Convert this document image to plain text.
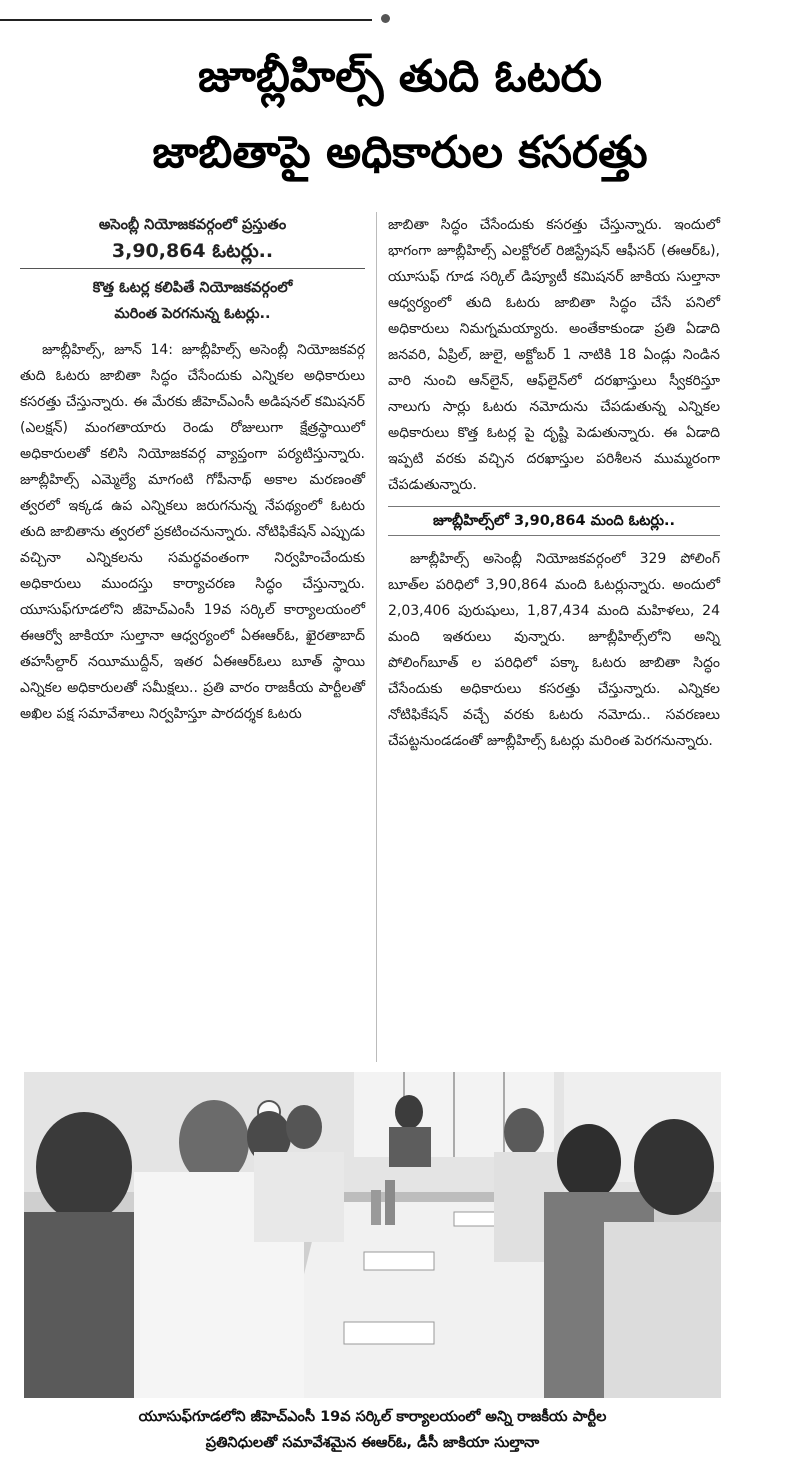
జూబ్లీహిల్స్ తుది ఓటరు
జాబితాపై అధికారుల కసరత్తు
అసెంబ్లీ నియోజకవర్గంలో ప్రస్తుతం
3,90,864 ఓటర్లు..
కొత్త ఓటర్ల కలిపితే నియోజకవర్గంలో
మరింత పెరగనున్న ఓటర్లు..

జూబ్లీహిల్స్, జూన్ 14: జూబ్లీహిల్స్ అసెంబ్లీ నియోజకవర్గ తుది ఓటరు జాబితా సిద్ధం చేసేందుకు ఎన్నికల అధికారులు కసరత్తు చేస్తున్నారు. ఈ మేరకు జీహెచ్ఎంసీ అడిషనల్ కమిషనర్ (ఎలక్షన్) మంగతాయారు రెండు రోజులుగా క్షేత్రస్థాయిలో అధికారులతో కలిసి నియోజకవర్గ వ్యాప్తంగా పర్యటిస్తున్నారు. జూబ్లీహిల్స్ ఎమ్మెల్యే మాగంటి గోపీనాథ్ అకాల మరణంతో త్వరలో ఇక్కడ ఉప ఎన్నికలు జరుగనున్న నేపథ్యంలో ఓటరు తుది జాబితాను త్వరలో ప్రకటించనున్నారు. నోటిఫికేషన్ ఎప్పుడు వచ్చినా ఎన్నికలను సమర్థవంతంగా నిర్వహించేందుకు అధికారులు ముందస్తు కార్యాచరణ సిద్ధం చేస్తున్నారు. యూసుఫ్‌గూడలోని జీహెచ్ఎంసీ 19వ సర్కిల్ కార్యాలయంలో ఈఆర్వో జాకియా సుల్తానా ఆధ్వర్యంలో ఏఈఆర్ఓ, ఖైరతాబాద్ తహసీల్దార్ నయీముద్దీన్, ఇతర ఏఈఆర్ఓలు బూత్ స్థాయి ఎన్నికల అధికారులతో సమీక్షలు.. ప్రతి వారం రాజకీయ పార్టీలతో అఖిల పక్ష సమావేశాలు నిర్వహిస్తూ పారదర్శక ఓటరు

జాబితా సిద్ధం చేసేందుకు కసరత్తు చేస్తున్నారు. ఇందులో భాగంగా జూబ్లీహిల్స్ ఎలక్టోరల్ రిజిస్ట్రేషన్ ఆఫీసర్ (ఈఆర్ఓ), యూసుఫ్ గూడ సర్కిల్ డిప్యూటీ కమిషనర్ జాకియ సుల్తానా ఆధ్వర్యంలో తుది ఓటరు జాబితా సిద్ధం చేసే పనిలో అధికారులు నిమగ్నమయ్యారు. అంతేకాకుండా ప్రతి ఏడాది జనవరి, ఏప్రిల్, జులై, అక్టోబర్ 1 నాటికి 18 ఏండ్లు నిండిన వారి నుంచి ఆన్‌లైన్, ఆఫ్‌లైన్‌లో దరఖాస్తులు స్వీకరిస్తూ నాలుగు సార్లు ఓటరు నమోదును చేపడుతున్న ఎన్నికల అధికారులు కొత్త ఓటర్ల పై దృష్టి పెడుతున్నారు. ఈ ఏడాది ఇప్పటి వరకు వచ్చిన దరఖాస్తుల పరిశీలన ముమ్మరంగా చేపడుతున్నారు.

జూబ్లీహిల్స్‌లో 3,90,864 మంది ఓటర్లు..

జూబ్లీహిల్స్ అసెంబ్లీ నియోజకవర్గంలో 329 పోలింగ్ బూత్‌ల పరిధిలో 3,90,864 మంది ఓటర్లున్నారు. అందులో 2,03,406 పురుషులు, 1,87,434 మంది మహిళలు, 24 మంది ఇతరులు వున్నారు. జూబ్లీహిల్స్‌లోని అన్ని పోలింగ్‌బూత్ ల పరిధిలో పక్కా ఓటరు జాబితా సిద్ధం చేసేందుకు అధికారులు కసరత్తు చేస్తున్నారు. ఎన్నికల నోటిఫికేషన్ వచ్చే వరకు ఓటరు నమోదు.. సవరణలు చేపట్టనుండడంతో జూబ్లీహిల్స్ ఓటర్లు మరింత పెరగనున్నారు.

యూసుఫ్‌గూడలోని జీహెచ్ఎంసీ 19వ సర్కిల్ కార్యాలయంలో అన్ని రాజకీయ పార్టీల
ప్రతినిధులతో సమావేశమైన ఈఆర్ఓ, డీసీ జాకియా సుల్తానా
